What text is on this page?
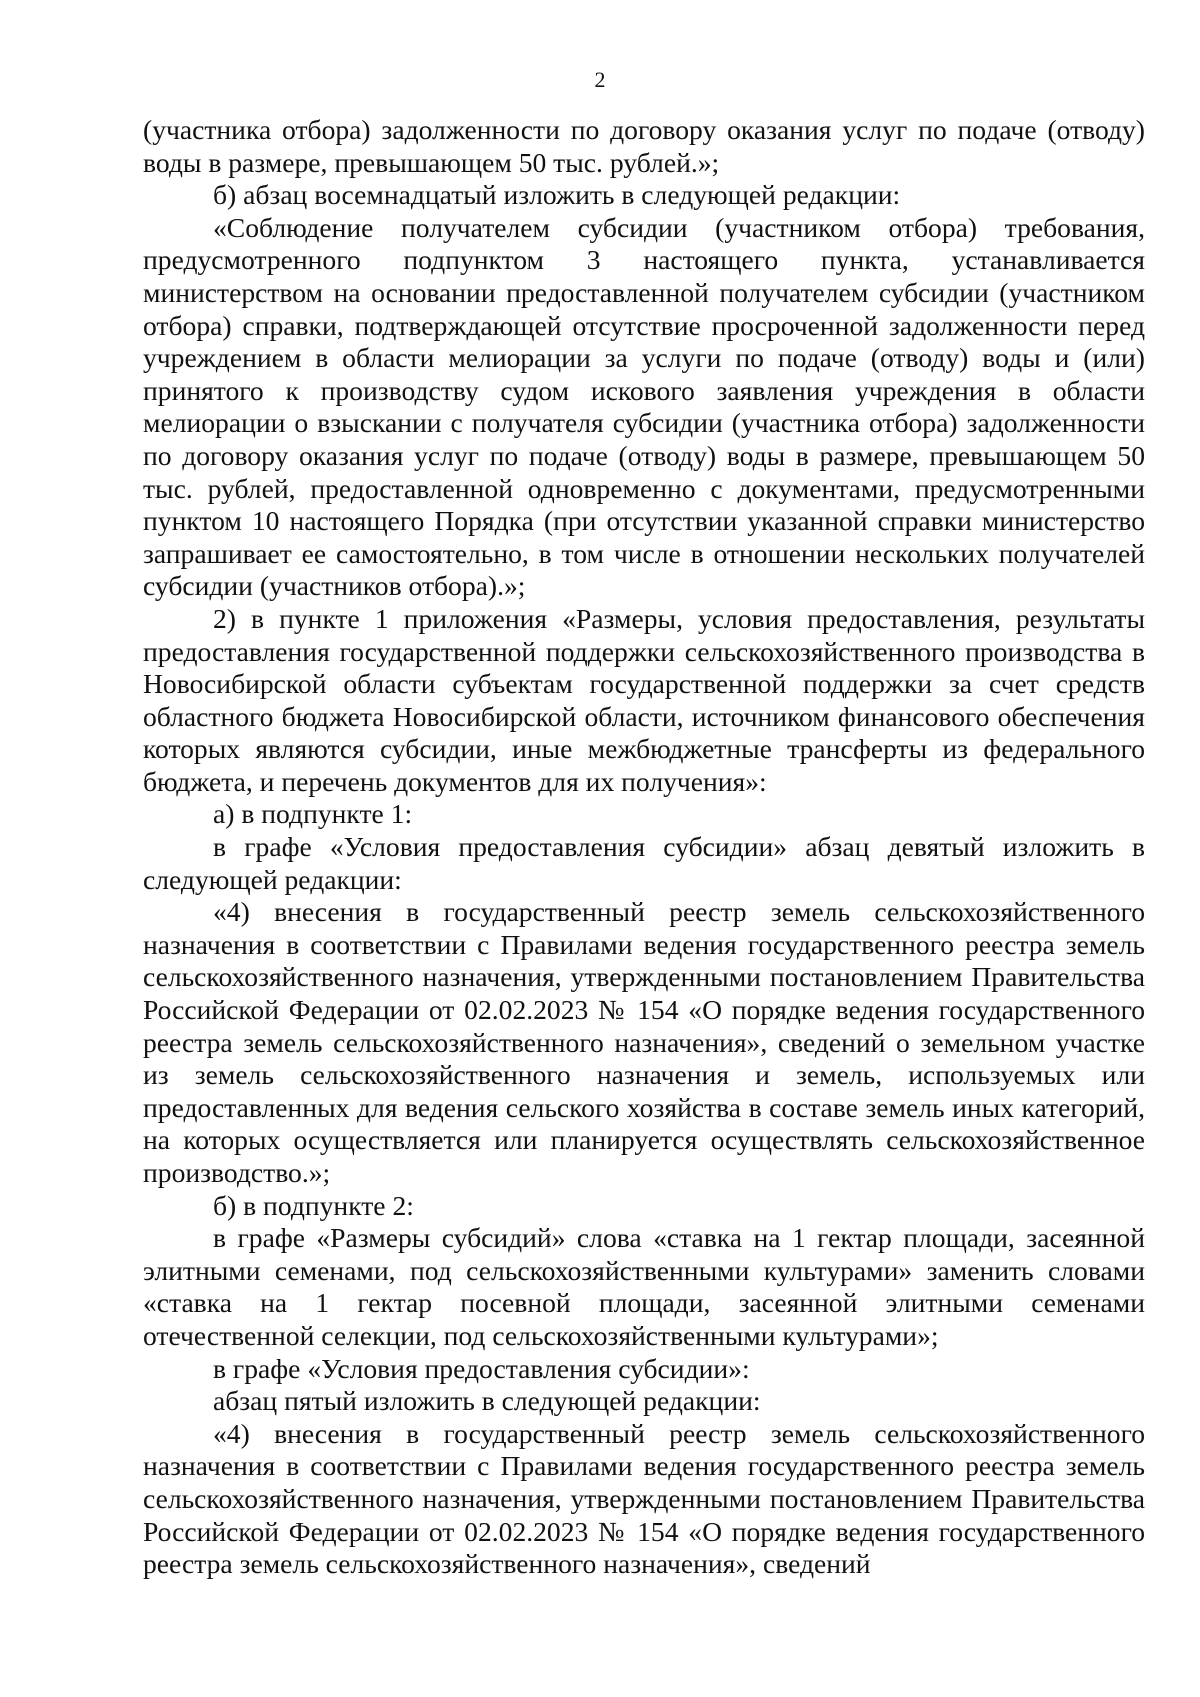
2

(участника отбора) задолженности по договору оказания услуг по подаче (отводу) воды в размере, превышающем 50 тыс. рублей.»;

б) абзац восемнадцатый изложить в следующей редакции:

«Соблюдение получателем субсидии (участником отбора) требования, предусмотренного подпунктом 3 настоящего пункта, устанавливается министерством на основании предоставленной получателем субсидии (участником отбора) справки, подтверждающей отсутствие просроченной задолженности перед учреждением в области мелиорации за услуги по подаче (отводу) воды и (или) принятого к производству судом искового заявления учреждения в области мелиорации о взыскании с получателя субсидии (участника отбора) задолженности по договору оказания услуг по подаче (отводу) воды в размере, превышающем 50 тыс. рублей, предоставленной одновременно с документами, предусмотренными пунктом 10 настоящего Порядка (при отсутствии указанной справки министерство запрашивает ее самостоятельно, в том числе в отношении нескольких получателей субсидии (участников отбора).»;

2) в пункте 1 приложения «Размеры, условия предоставления, результаты предоставления государственной поддержки сельскохозяйственного производства в Новосибирской области субъектам государственной поддержки за счет средств областного бюджета Новосибирской области, источником финансового обеспечения которых являются субсидии, иные межбюджетные трансферты из федерального бюджета, и перечень документов для их получения»:

а) в подпункте 1:

в графе «Условия предоставления субсидии» абзац девятый изложить в следующей редакции:

«4) внесения в государственный реестр земель сельскохозяйственного назначения в соответствии с Правилами ведения государственного реестра земель сельскохозяйственного назначения, утвержденными постановлением Правительства Российской Федерации от 02.02.2023 № 154 «О порядке ведения государственного реестра земель сельскохозяйственного назначения», сведений о земельном участке из земель сельскохозяйственного назначения и земель, используемых или предоставленных для ведения сельского хозяйства в составе земель иных категорий, на которых осуществляется или планируется осуществлять сельскохозяйственное производство.»;

б) в подпункте 2:

в графе «Размеры субсидий» слова «ставка на 1 гектар площади, засеянной элитными семенами, под сельскохозяйственными культурами» заменить словами «ставка на 1 гектар посевной площади, засеянной элитными семенами отечественной селекции, под сельскохозяйственными культурами»;

в графе «Условия предоставления субсидии»:

абзац пятый изложить в следующей редакции:

«4) внесения в государственный реестр земель сельскохозяйственного назначения в соответствии с Правилами ведения государственного реестра земель сельскохозяйственного назначения, утвержденными постановлением Правительства Российской Федерации от 02.02.2023 № 154 «О порядке ведения государственного реестра земель сельскохозяйственного назначения», сведений
